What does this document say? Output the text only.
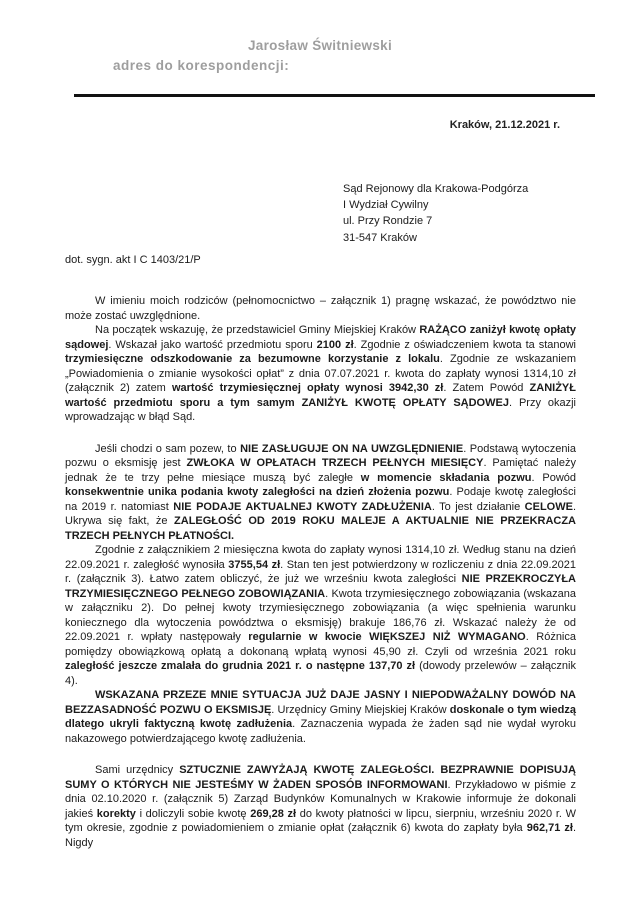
Jarosław Świtniewski
adres do korespondencji:
Kraków, 21.12.2021 r.
Sąd Rejonowy dla Krakowa-Podgórza
I Wydział Cywilny
ul. Przy Rondzie 7
31-547 Kraków
dot. sygn. akt I C 1403/21/P

W imieniu moich rodziców (pełnomocnictwo – załącznik 1) pragnę wskazać, że powództwo nie może zostać uwzględnione.

Na początek wskazuję, że przedstawiciel Gminy Miejskiej Kraków RAŻĄCO zaniżył kwotę opłaty sądowej. Wskazał jako wartość przedmiotu sporu 2100 zł. Zgodnie z oświadczeniem kwota ta stanowi trzymiesięczne odszkodowanie za bezumowne korzystanie z lokalu. Zgodnie ze wskazaniem „Powiadomienia o zmianie wysokości opłat” z dnia 07.07.2021 r. kwota do zapłaty wynosi 1314,10 zł (załącznik 2) zatem wartość trzymiesięcznej opłaty wynosi 3942,30 zł. Zatem Powód ZANIŻYŁ wartość przedmiotu sporu a tym samym ZANIŻYŁ KWOTĘ OPŁATY SĄDOWEJ. Przy okazji wprowadzając w błąd Sąd.

Jeśli chodzi o sam pozew, to NIE ZASŁUGUJE ON NA UWZGLĘDNIENIE. Podstawą wytoczenia pozwu o eksmisję jest ZWŁOKA W OPŁATACH TRZECH PEŁNYCH MIESIĘCY. Pamiętać należy jednak że te trzy pełne miesiące muszą być zaległe w momencie składania pozwu. Powód konsekwentnie unika podania kwoty zaległości na dzień złożenia pozwu. Podaje kwotę zaległości na 2019 r. natomiast NIE PODAJE AKTUALNEJ KWOTY ZADŁUŻENIA. To jest działanie CELOWE. Ukrywa się fakt, że ZALEGŁOŚĆ OD 2019 ROKU MALEJE A AKTUALNIE NIE PRZEKRACZA TRZECH PEŁNYCH PŁATNOŚCI.

Zgodnie z załącznikiem 2 miesięczna kwota do zapłaty wynosi 1314,10 zł. Według stanu na dzień 22.09.2021 r. zaległość wynosiła 3755,54 zł. Stan ten jest potwierdzony w rozliczeniu z dnia 22.09.2021 r. (załącznik 3). Łatwo zatem obliczyć, że już we wrześniu kwota zaległości NIE PRZEKROCZYŁA TRZYMIESIĘCZNEGO PEŁNEGO ZOBOWIĄZANIA. Kwota trzymiesięcznego zobowiązania (wskazana w załączniku 2). Do pełnej kwoty trzymiesięcznego zobowiązania (a więc spełnienia warunku koniecznego dla wytoczenia powództwa o eksmisję) brakuje 186,76 zł. Wskazać należy że od 22.09.2021 r. wpłaty następowały regularnie w kwocie WIĘKSZEJ NIŻ WYMAGANO. Różnica pomiędzy obowiązkową opłatą a dokonaną wpłatą wynosi 45,90 zł. Czyli od września 2021 roku zaległość jeszcze zmalała do grudnia 2021 r. o następne 137,70 zł (dowody przelewów – załącznik 4).

WSKAZANA PRZEZE MNIE SYTUACJA JUŻ DAJE JASNY I NIEPODWAŻALNY DOWÓD NA BEZZASADNOŚĆ POZWU O EKSMISJĘ. Urzędnicy Gminy Miejskiej Kraków doskonale o tym wiedzą dlatego ukryli faktyczną kwotę zadłużenia. Zaznaczenia wypada że żaden sąd nie wydał wyroku nakazowego potwierdzającego kwotę zadłużenia.

Sami urzędnicy SZTUCZNIE ZAWYŻAJĄ KWOTĘ ZALEGŁOŚCI. BEZPRAWNIE DOPISUJĄ SUMY O KTÓRYCH NIE JESTEŚMY W ŻADEN SPOSÓB INFORMOWANI. Przykładowo w piśmie z dnia 02.10.2020 r. (załącznik 5) Zarząd Budynków Komunalnych w Krakowie informuje że dokonali jakieś korekty i doliczyli sobie kwotę 269,28 zł do kwoty płatności w lipcu, sierpniu, wrześniu 2020 r. W tym okresie, zgodnie z powiadomieniem o zmianie opłat (załącznik 6) kwota do zapłaty była 962,71 zł. Nigdy
